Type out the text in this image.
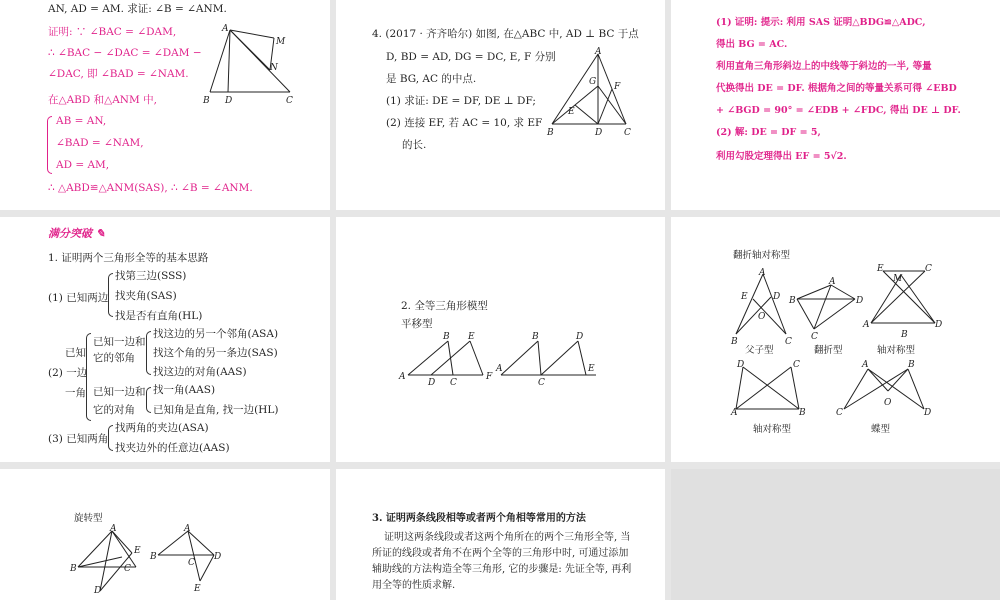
AN, AD = AM. 求证: ∠B = ∠ANM.
证明: ∵ ∠BAC = ∠DAM,
∴ ∠BAC − ∠DAC = ∠DAM −
∠DAC, 即 ∠BAD = ∠NAM.
在△ABD 和△ANM 中,
AB = AN,
∠BAD = ∠NAM,
AD = AM,
∴ △ABD≌△ANM(SAS), ∴ ∠B = ∠ANM.
A
M
N
B D	C
4. (2017 · 齐齐哈尔) 如图, 在△ABC 中, AD ⊥ BC 于点
D, BD = AD, DG = DC, E, F 分别
是 BG, AC 的中点.
(1) 求证: DE = DF, DE ⊥ DF;
(2) 连接 EF, 若 AC = 10, 求 EF
的长.
A
G F
E
B	D C
(1) 证明: 提示: 利用 SAS 证明△BDG≌△ADC,
得出 BG = AC.
利用直角三角形斜边上的中线等于斜边的一半, 等量
代换得出 DE = DF. 根据角之间的等量关系可得 ∠EBD
+ ∠BGD = 90° = ∠EDB + ∠FDC, 得出 DE ⊥ DF.
(2) 解: DE = DF = 5,
利用勾股定理得出 EF = 5√2.
满分突破 ✎
1. 证明两个三角形全等的基本思路
(1) 已知两边
找第三边(SSS)
找夹角(SAS)
找是否有直角(HL)
已知
(2) 一边
一角
已知一边和
它的邻角
找这边的另一个邻角(ASA)
找这个角的另一条边(SAS)
找这边的对角(AAS)
已知一边和
它的对角
找一角(AAS)
已知角是直角, 找一边(HL)
(3) 已知两角
找两角的夹边(ASA)
找夹边外的任意边(AAS)
2. 全等三角形模型
平移型
A
B
D C
E
F
A
B
C
D
E
翻折轴对称型
A
E	D
O
B	C
B
A
D
C
E
M
C
A	D
B
父子型	翻折型	轴对称型
D	C
A	B
A	B
O
C	D
轴对称型	蝶型
旋转型
A
E
B	C
D
A
B
C
D
E
3. 证明两条线段相等或者两个角相等常用的方法
证明这两条线段或者这两个角所在的两个三角形全等, 当所证的线段或者角不在两个全等的三角形中时, 可通过添加辅助线的方法构造全等三角形, 它的步骤是: 先证全等, 再利用全等的性质求解.
